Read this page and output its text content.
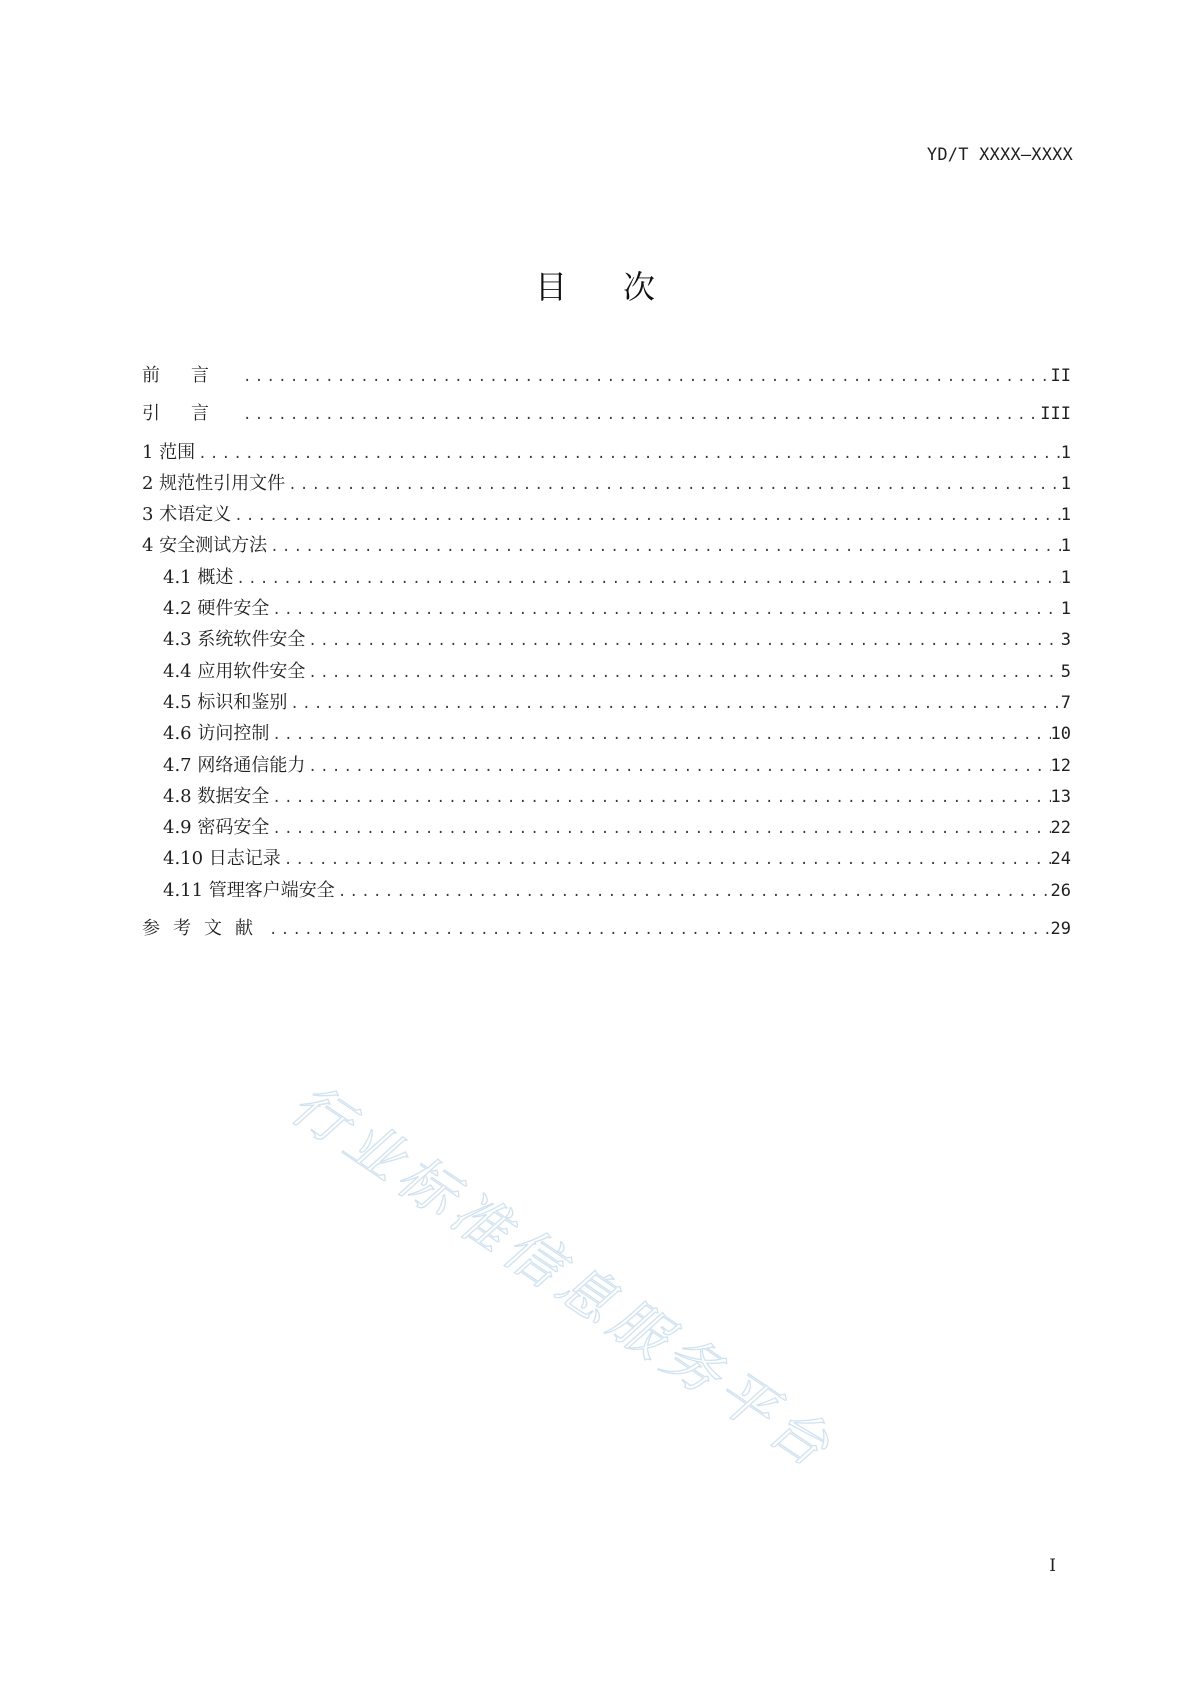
YD/T XXXX—XXXX
目次
前言 .....	II
引言 .....	III
1 范围 .....	1
2 规范性引用文件 .....	1
3 术语定义 .....	1
4 安全测试方法 .....	1
4.1 概述 .....	1
4.2 硬件安全 .....	1
4.3 系统软件安全 .....	3
4.4 应用软件安全 .....	5
4.5 标识和鉴别 .....	7
4.6 访问控制 .....	10
4.7 网络通信能力 .....	12
4.8 数据安全 .....	13
4.9 密码安全 .....	22
4.10 日志记录 .....	24
4.11 管理客户端安全 .....	26
参考文献 .....	29
行业标准信息服务平台
I
